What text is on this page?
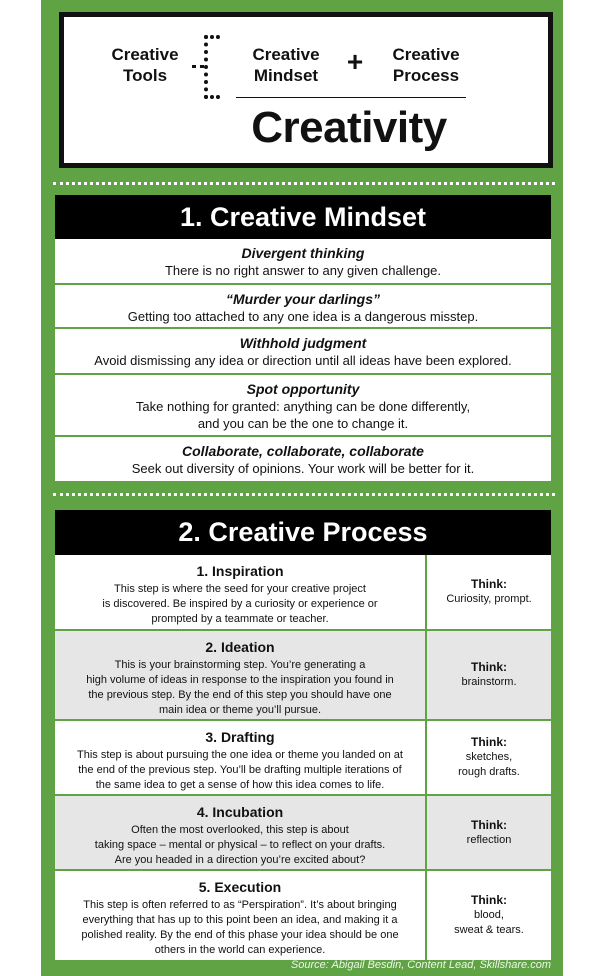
Creative
Tools
Creative
Mindset	+	Creative
Process
Creativity
1. Creative Mindset
Divergent thinking
There is no right answer to any given challenge.
“Murder your darlings”
Getting too attached to any one idea is a dangerous misstep.
Withhold judgment
Avoid dismissing any idea or direction until all ideas have been explored.
Spot opportunity
Take nothing for granted: anything can be done differently,
and you can be the one to change it.
Collaborate, collaborate, collaborate
Seek out diversity of opinions. Your work will be better for it.
2. Creative Process
1. Inspiration
This step is where the seed for your creative project
is discovered. Be inspired by a curiosity or experience or
prompted by a teammate or teacher.
Think:
Curiosity, prompt.
2. Ideation
This is your brainstorming step. You’re generating a
high volume of ideas in response to the inspiration you found in
the previous step. By the end of this step you should have one
main idea or theme you’ll pursue.
Think:
brainstorm.
3. Drafting
This step is about pursuing the one idea or theme you landed on at
the end of the previous step. You’ll be drafting multiple iterations of
the same idea to get a sense of how this idea comes to life.
Think:
sketches,
rough drafts.
4. Incubation
Often the most overlooked, this step is about
taking space – mental or physical – to reflect on your drafts.
Are you headed in a direction you’re excited about?
Think:
reflection
5. Execution
This step is often referred to as “Perspiration”. It’s about bringing
everything that has up to this point been an idea, and making it a
polished reality. By the end of this phase your idea should be one
others in the world can experience.
Think:
blood,
sweat & tears.
Source: Abigail Besdin, Content Lead, Skillshare.com
